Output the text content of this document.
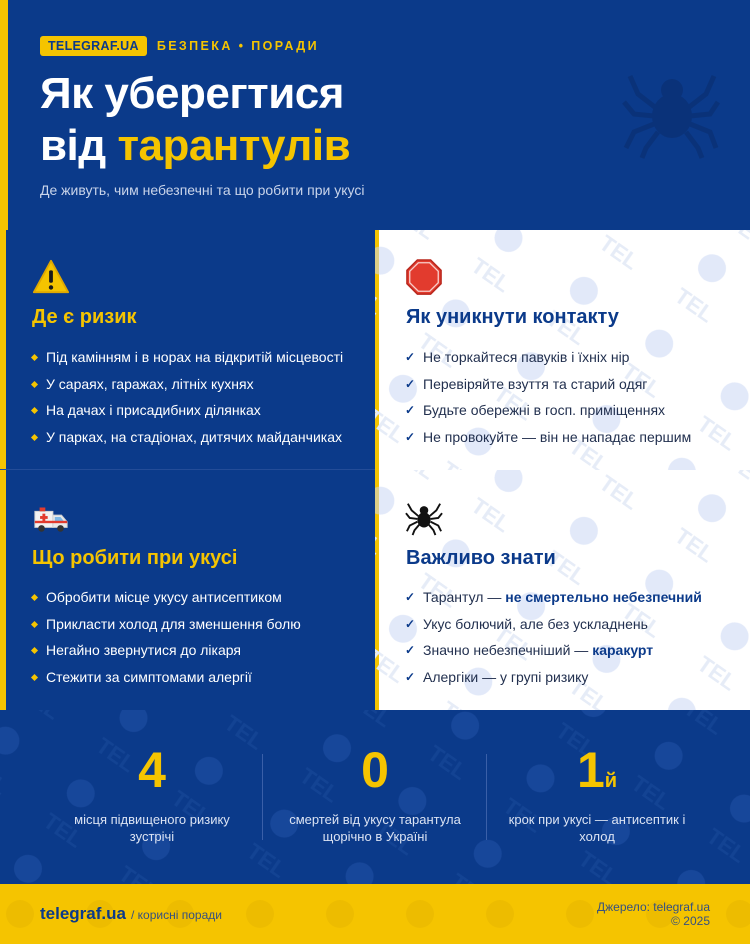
TELEGRAF.UA	БЕЗПЕКА • ПОРАДИ
Як уберегтися
від тарантулів

Де живуть, чим небезпечні та що робити при укусі

Де є ризик
Під камінням і в норах на відкритій місцевості
У сараях, гаражах, літніх кухнях
На дачах і присадибних ділянках
У парках, на стадіонах, дитячих майданчиках
Як уникнути контакту
✓ Не торкайтеся павуків і їхніх нір
✓ Перевіряйте взуття та старий одяг
✓ Будьте обережні в госп. приміщеннях
✓ Не провокуйте — він не нападає першим
Що робити при укусі
Обробити місце укусу антисептиком
Прикласти холод для зменшення болю
Негайно звернутися до лікаря
Стежити за симптомами алергії
Важливо знати
✓ Тарантул — не смертельно небезпечний
✓ Укус болючий, але без ускладнень
✓ Значно небезпечніший — каракурт
✓ Алергіки — у групі ризику
4
місця підвищеного ризику зустрічі
0
смертей від укусу тарантула щорічно в Україні
1й
крок при укусі — антисептик і холод
telegraf.ua / корисні поради
Джерело: telegraf.ua
© 2025
